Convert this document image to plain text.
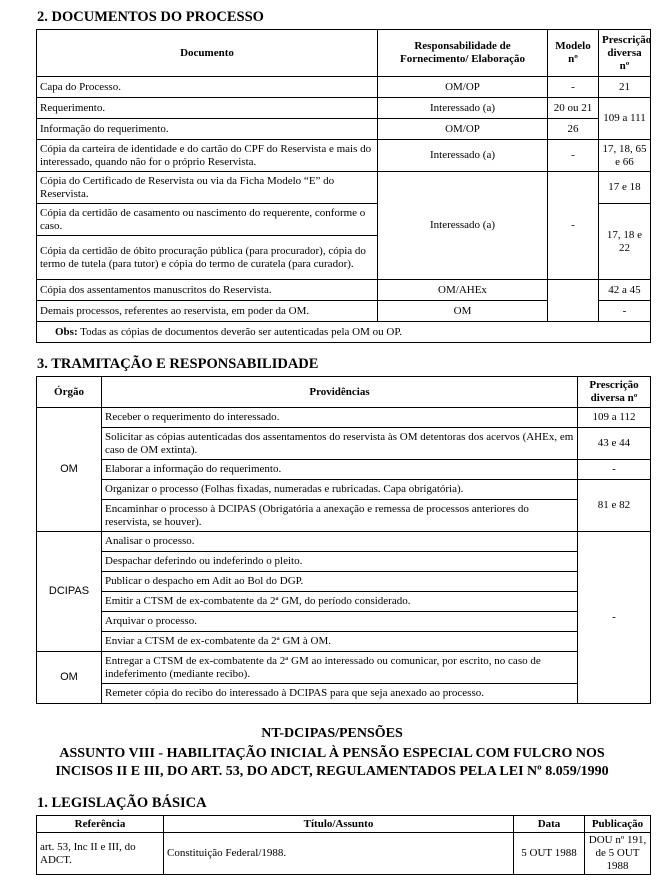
2. DOCUMENTOS DO PROCESSO
Documento	Responsabilidade de Fornecimento/ Elaboração	Modelo nº	Prescrição diversa nº
Capa do Processo.	OM/OP	-	21
Requerimento.	Interessado (a)	20 ou 21	109 a 111
Informação do requerimento.	OM/OP	26	
Cópia da carteira de identidade e do cartão do CPF do Reservista e mais do interessado, quando não for o próprio Reservista.	Interessado (a)	-	17, 18, 65 e 66
Cópia do Certificado de Reservista ou via da Ficha Modelo “E” do Reservista.	Interessado (a)	-	17 e 18
Cópia da certidão de casamento ou nascimento do requerente, conforme o caso.			17, 18 e 22
Cópia da certidão de óbito procuração pública (para procurador), cópia do termo de tutela (para tutor) e cópia do termo de curatela (para curador).			
Cópia dos assentamentos manuscritos do Reservista.	OM/AHEx		42 a 45
Demais processos, referentes ao reservista, em poder da OM.	OM		-
Obs: Todas as cópias de documentos deverão ser autenticadas pela OM ou OP.			
3. TRAMITAÇÃO E RESPONSABILIDADE
Órgão	Providências	Prescrição diversa nº
OM	Receber o requerimento do interessado.	109 a 112
	Solicitar as cópias autenticadas dos assentamentos do reservista às OM detentoras dos acervos (AHEx, em caso de OM extinta).	43 e 44
	Elaborar a informação do requerimento.	-
	Organizar o processo (Folhas fixadas, numeradas e rubricadas. Capa obrigatória).	81 e 82
	Encaminhar o processo à DCIPAS (Obrigatória a anexação e remessa de processos anteriores do reservista, se houver).	
DCIPAS	Analisar o processo.	-
	Despachar deferindo ou indeferindo o pleito.	
	Publicar o despacho em Adit ao Bol do DGP.	
	Emitir a CTSM de ex-combatente da 2ª GM, do período considerado.	
	Arquivar o processo.	
	Enviar a CTSM de ex-combatente da 2ª GM à OM.	
OM	Entregar a CTSM de ex-combatente da 2ª GM ao interessado ou comunicar, por escrito, no caso de indeferimento (mediante recibo).	
	Remeter cópia do recibo do interessado à DCIPAS para que seja anexado ao processo.	
NT-DCIPAS/PENSÕES
ASSUNTO VIII - HABILITAÇÃO INICIAL À PENSÃO ESPECIAL COM FULCRO NOS
INCISOS II E III, DO ART. 53, DO ADCT, REGULAMENTADOS PELA LEI Nº 8.059/1990
1. LEGISLAÇÃO BÁSICA
Referência	Título/Assunto	Data	Publicação
art. 53, Inc II e III, do ADCT.	Constituição Federal/1988.	5 OUT 1988	DOU nº 191, de 5 OUT 1988
